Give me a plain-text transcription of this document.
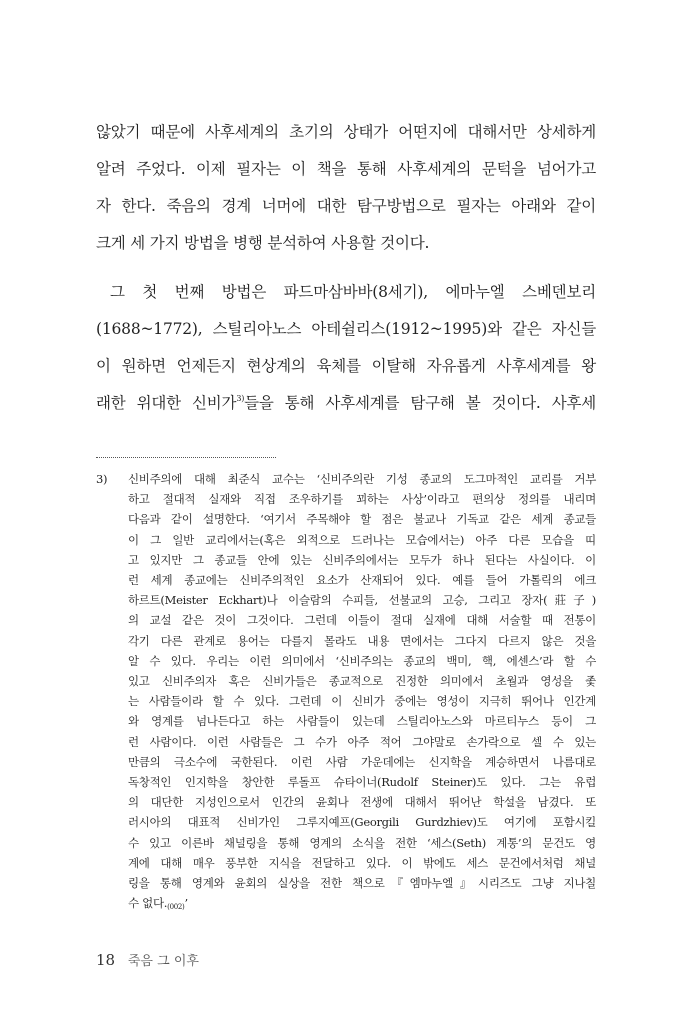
않았기 때문에 사후세계의 초기의 상태가 어떤지에 대해서만 상세하게
알려 주었다. 이제 필자는 이 책을 통해 사후세계의 문턱을 넘어가고
자 한다. 죽음의 경계 너머에 대한 탐구방법으로 필자는 아래와 같이
크게 세 가지 방법을 병행 분석하여 사용할 것이다.
그 첫 번째 방법은 파드마삼바바(8세기), 에마누엘 스베덴보리
(1688~1772), 스틸리아노스 아테쉴리스(1912~1995)와 같은 자신들
이 원하면 언제든지 현상계의 육체를 이탈해 자유롭게 사후세계를 왕
래한 위대한 신비가$^{3)}$들을 통해 사후세계를 탐구해 볼 것이다. 사후세
3) 신비주의에 대해 최준식 교수는 ‘신비주의란 기성 종교의 도그마적인 교리를 거부
하고 절대적 실재와 직접 조우하기를 꾀하는 사상’이라고 편의상 정의를 내리며
다음과 같이 설명한다. ‘여기서 주목해야 할 점은 불교나 기독교 같은 세계 종교들
이 그 일반 교리에서는(혹은 외적으로 드러나는 모습에서는) 아주 다른 모습을 띠
고 있지만 그 종교들 안에 있는 신비주의에서는 모두가 하나 된다는 사실이다. 이
런 세계 종교에는 신비주의적인 요소가 산재되어 있다. 예를 들어 가톨릭의 에크
하르트(Meister Eckhart)나 이슬람의 수피들, 선불교의 고승, 그리고 장자(莊子)
의 교설 같은 것이 그것이다. 그런데 이들이 절대 실재에 대해 서술할 때 전통이
각기 다른 관계로 용어는 다를지 몰라도 내용 면에서는 그다지 다르지 않은 것을
알 수 있다. 우리는 이런 의미에서 ‘신비주의는 종교의 백미, 핵, 에센스’라 할 수
있고 신비주의자 혹은 신비가들은 종교적으로 진정한 의미에서 초월과 영성을 좇
는 사람들이라 할 수 있다. 그런데 이 신비가 중에는 영성이 지극히 뛰어나 인간계
와 영계를 넘나든다고 하는 사람들이 있는데 스틸리아노스와 마르티누스 등이 그
런 사람이다. 이런 사람들은 그 수가 아주 적어 그야말로 손가락으로 셀 수 있는
만큼의 극소수에 국한된다. 이런 사람 가운데에는 신지학을 계승하면서 나름대로
독창적인 인지학을 창안한 루돌프 슈타이너(Rudolf Steiner)도 있다. 그는 유럽
의 대단한 지성인으로서 인간의 윤회나 전생에 대해서 뛰어난 학설을 남겼다. 또
러시아의 대표적 신비가인 그루지예프(Georgili Gurdzhiev)도 여기에 포함시킬
수 있고 이른바 채널링을 통해 영계의 소식을 전한 ‘세스(Seth) 계통’의 문건도 영
계에 대해 매우 풍부한 지식을 전달하고 있다. 이 밖에도 세스 문건에서처럼 채널
링을 통해 영계와 윤회의 실상을 전한 책으로『엠마누엘』시리즈도 그냥 지나칠
수 없다$._{(002)}$’
18 죽음 그 이후
